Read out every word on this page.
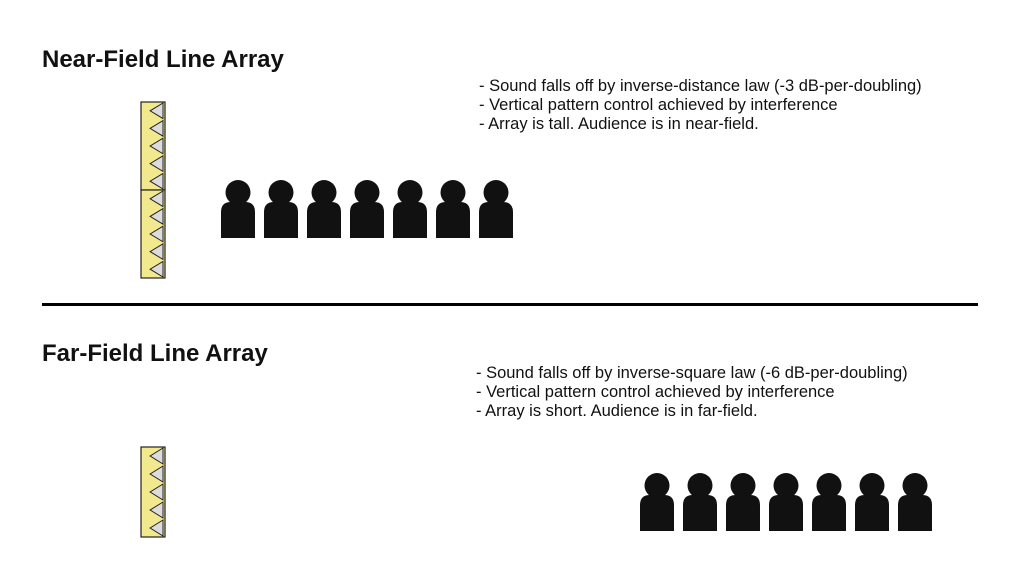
Near-Field Line Array
- Sound falls off by inverse-distance law (-3 dB-per-doubling)
- Vertical pattern control achieved by interference
- Array is tall. Audience is in near-field.
Far-Field Line Array
- Sound falls off by inverse-square law (-6 dB-per-doubling)
- Vertical pattern control achieved by interference
- Array is short. Audience is in far-field.
